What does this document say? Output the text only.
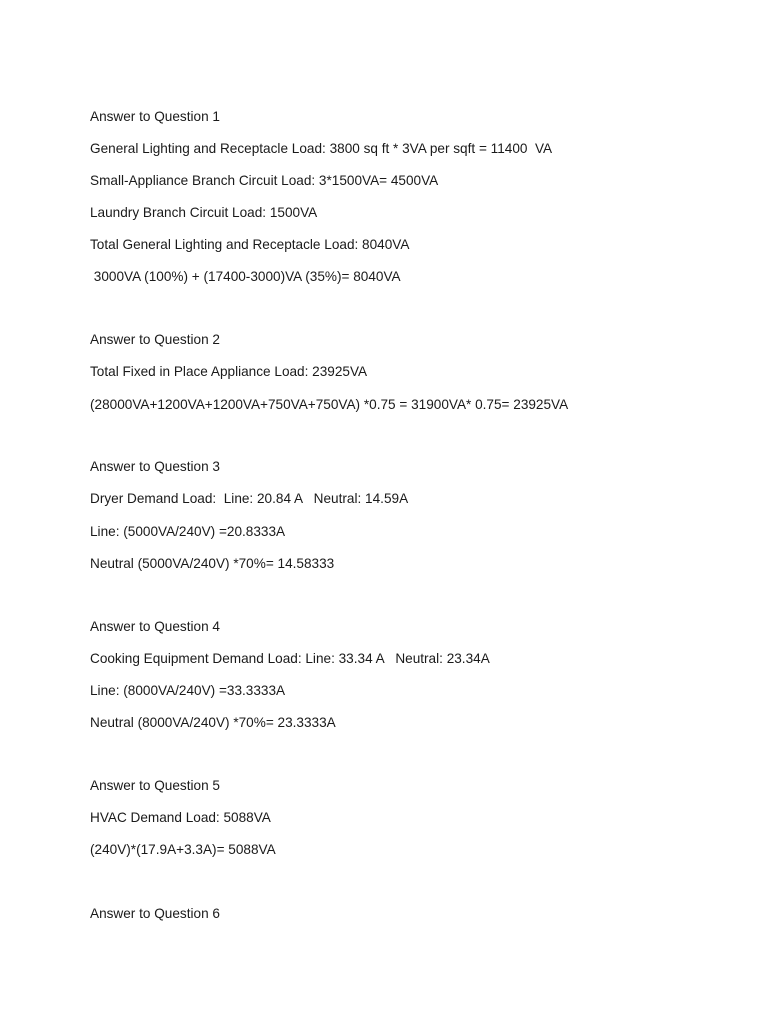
Answer to Question 1

General Lighting and Receptacle Load: 3800 sq ft * 3VA per sqft = 11400  VA

Small-Appliance Branch Circuit Load: 3*1500VA= 4500VA

Laundry Branch Circuit Load: 1500VA

Total General Lighting and Receptacle Load: 8040VA

3000VA (100%) + (17400-3000)VA (35%)= 8040VA

Answer to Question 2

Total Fixed in Place Appliance Load: 23925VA

(28000VA+1200VA+1200VA+750VA+750VA) *0.75 = 31900VA* 0.75= 23925VA

Answer to Question 3

Dryer Demand Load:  Line: 20.84 A   Neutral: 14.59A

Line: (5000VA/240V) =20.8333A

Neutral (5000VA/240V) *70%= 14.58333

Answer to Question 4

Cooking Equipment Demand Load: Line: 33.34 A   Neutral: 23.34A

Line: (8000VA/240V) =33.3333A

Neutral (8000VA/240V) *70%= 23.3333A

Answer to Question 5

HVAC Demand Load: 5088VA

(240V)*(17.9A+3.3A)= 5088VA

Answer to Question 6
